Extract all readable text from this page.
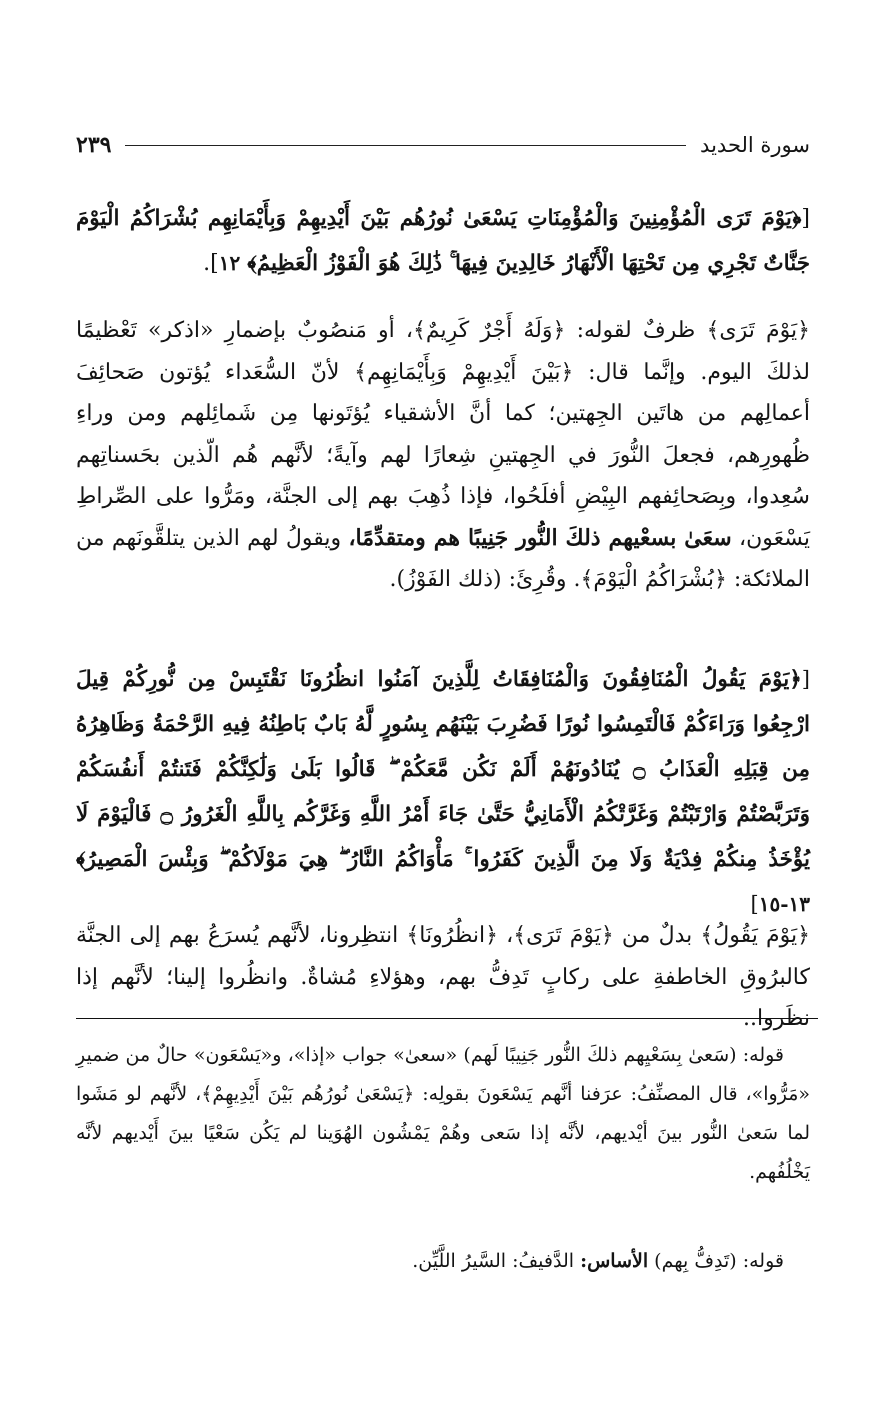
سورة الحديد
٢٣٩

[﴿يَوْمَ تَرَى الْمُؤْمِنِينَ وَالْمُؤْمِنَاتِ يَسْعَىٰ نُورُهُم بَيْنَ أَيْدِيهِمْ وَبِأَيْمَانِهِم بُشْرَاكُمُ الْيَوْمَ جَنَّاتٌ تَجْرِي مِن تَحْتِهَا الْأَنْهَارُ خَالِدِينَ فِيهَا ۚ ذَٰلِكَ هُوَ الْفَوْزُ الْعَظِيمُ﴾ ١٢].

﴿يَوْمَ تَرَى﴾ ظرفٌ لقوله: ﴿وَلَهُ أَجْرٌ كَرِيمٌ﴾، أو مَنصُوبٌ بإضمارِ «اذكر» تَعْظيمًا لذلكَ اليوم. وإنَّما قال: ﴿بَيْنَ أَيْدِيهِمْ وَبِأَيْمَانِهِم﴾ لأنّ السُّعَداء يُؤتون صَحائِفَ أعمالِهم من هاتَين الجِهتين؛ كما أنَّ الأشقياء يُؤتَونها مِن شَمائِلهم ومن وراءِ ظُهورِهم، فجعلَ النُّورَ في الجِهتينِ شِعارًا لهم وآيةً؛ لأنَّهم هُم الّذين بحَسناتِهم سُعِدوا، وبِصَحائِفهم البِيْضِ أفلَحُوا، فإذا ذُهِبَ بهم إلى الجنَّة، ومَرُّوا على الصِّراطِ يَسْعَون، سعَىٰ بسعْيهم ذلكَ النُّور جَنِيبًا هم ومتقدِّمًا، ويقولُ لهم الذين يتلقَّونَهم من الملائكة: ﴿بُشْرَاكُمُ الْيَوْمَ﴾. وقُرِئَ: (ذلك الفَوْزُ).

[﴿يَوْمَ يَقُولُ الْمُنَافِقُونَ وَالْمُنَافِقَاتُ لِلَّذِينَ آمَنُوا انظُرُونَا نَقْتَبِسْ مِن نُّورِكُمْ قِيلَ ارْجِعُوا وَرَاءَكُمْ فَالْتَمِسُوا نُورًا فَضُرِبَ بَيْنَهُم بِسُورٍ لَّهُ بَابٌ بَاطِنُهُ فِيهِ الرَّحْمَةُ وَظَاهِرُهُ مِن قِبَلِهِ الْعَذَابُ ۝ يُنَادُونَهُمْ أَلَمْ نَكُن مَّعَكُمْ ۖ قَالُوا بَلَىٰ وَلَٰكِنَّكُمْ فَتَنتُمْ أَنفُسَكُمْ وَتَرَبَّصْتُمْ وَارْتَبْتُمْ وَغَرَّتْكُمُ الْأَمَانِيُّ حَتَّىٰ جَاءَ أَمْرُ اللَّهِ وَغَرَّكُم بِاللَّهِ الْغَرُورُ ۝ فَالْيَوْمَ لَا يُؤْخَذُ مِنكُمْ فِدْيَةٌ وَلَا مِنَ الَّذِينَ كَفَرُوا ۚ مَأْوَاكُمُ النَّارُ ۖ هِيَ مَوْلَاكُمْ ۖ وَبِئْسَ الْمَصِيرُ﴾ ١٣-١٥]

﴿يَوْمَ يَقُولُ﴾ بدلٌ من ﴿يَوْمَ تَرَى﴾، ﴿انظُرُونَا﴾ انتظِرونا، لأنَّهم يُسرَعُ بهم إلى الجنَّة كالبرُوقِ الخاطفةِ على ركابٍ تَدِفُّ بهم، وهؤلاءِ مُشاةٌ. وانظُروا إلينا؛ لأنَّهم إذا نظَروا..

قوله: (سَعىٰ بِسَعْيِهم ذلكَ النُّور جَنِيبًا لَهم) «سعىٰ» جواب «إذا»، و«يَسْعَون» حالٌ من ضميرِ «مَرُّوا»، قال المصنِّفُ: عرَفنا أنَّهم يَسْعَونَ بقولِه: ﴿يَسْعَىٰ نُورُهُم بَيْنَ أَيْدِيهِمْ﴾، لأنَّهم لو مَشَوا لما سَعىٰ النُّور بينَ أيْديهم، لأنَّه إذا سَعى وهُمْ يَمْشُون الهُوَينا لم يَكُن سَعْيًا بينَ أَيْديهم لأنَّه يَخْلُفُهم.

قوله: (تَدِفُّ بِهم) الأساس: الدَّفيفُ: السَّيرُ اللَّيِّن.
